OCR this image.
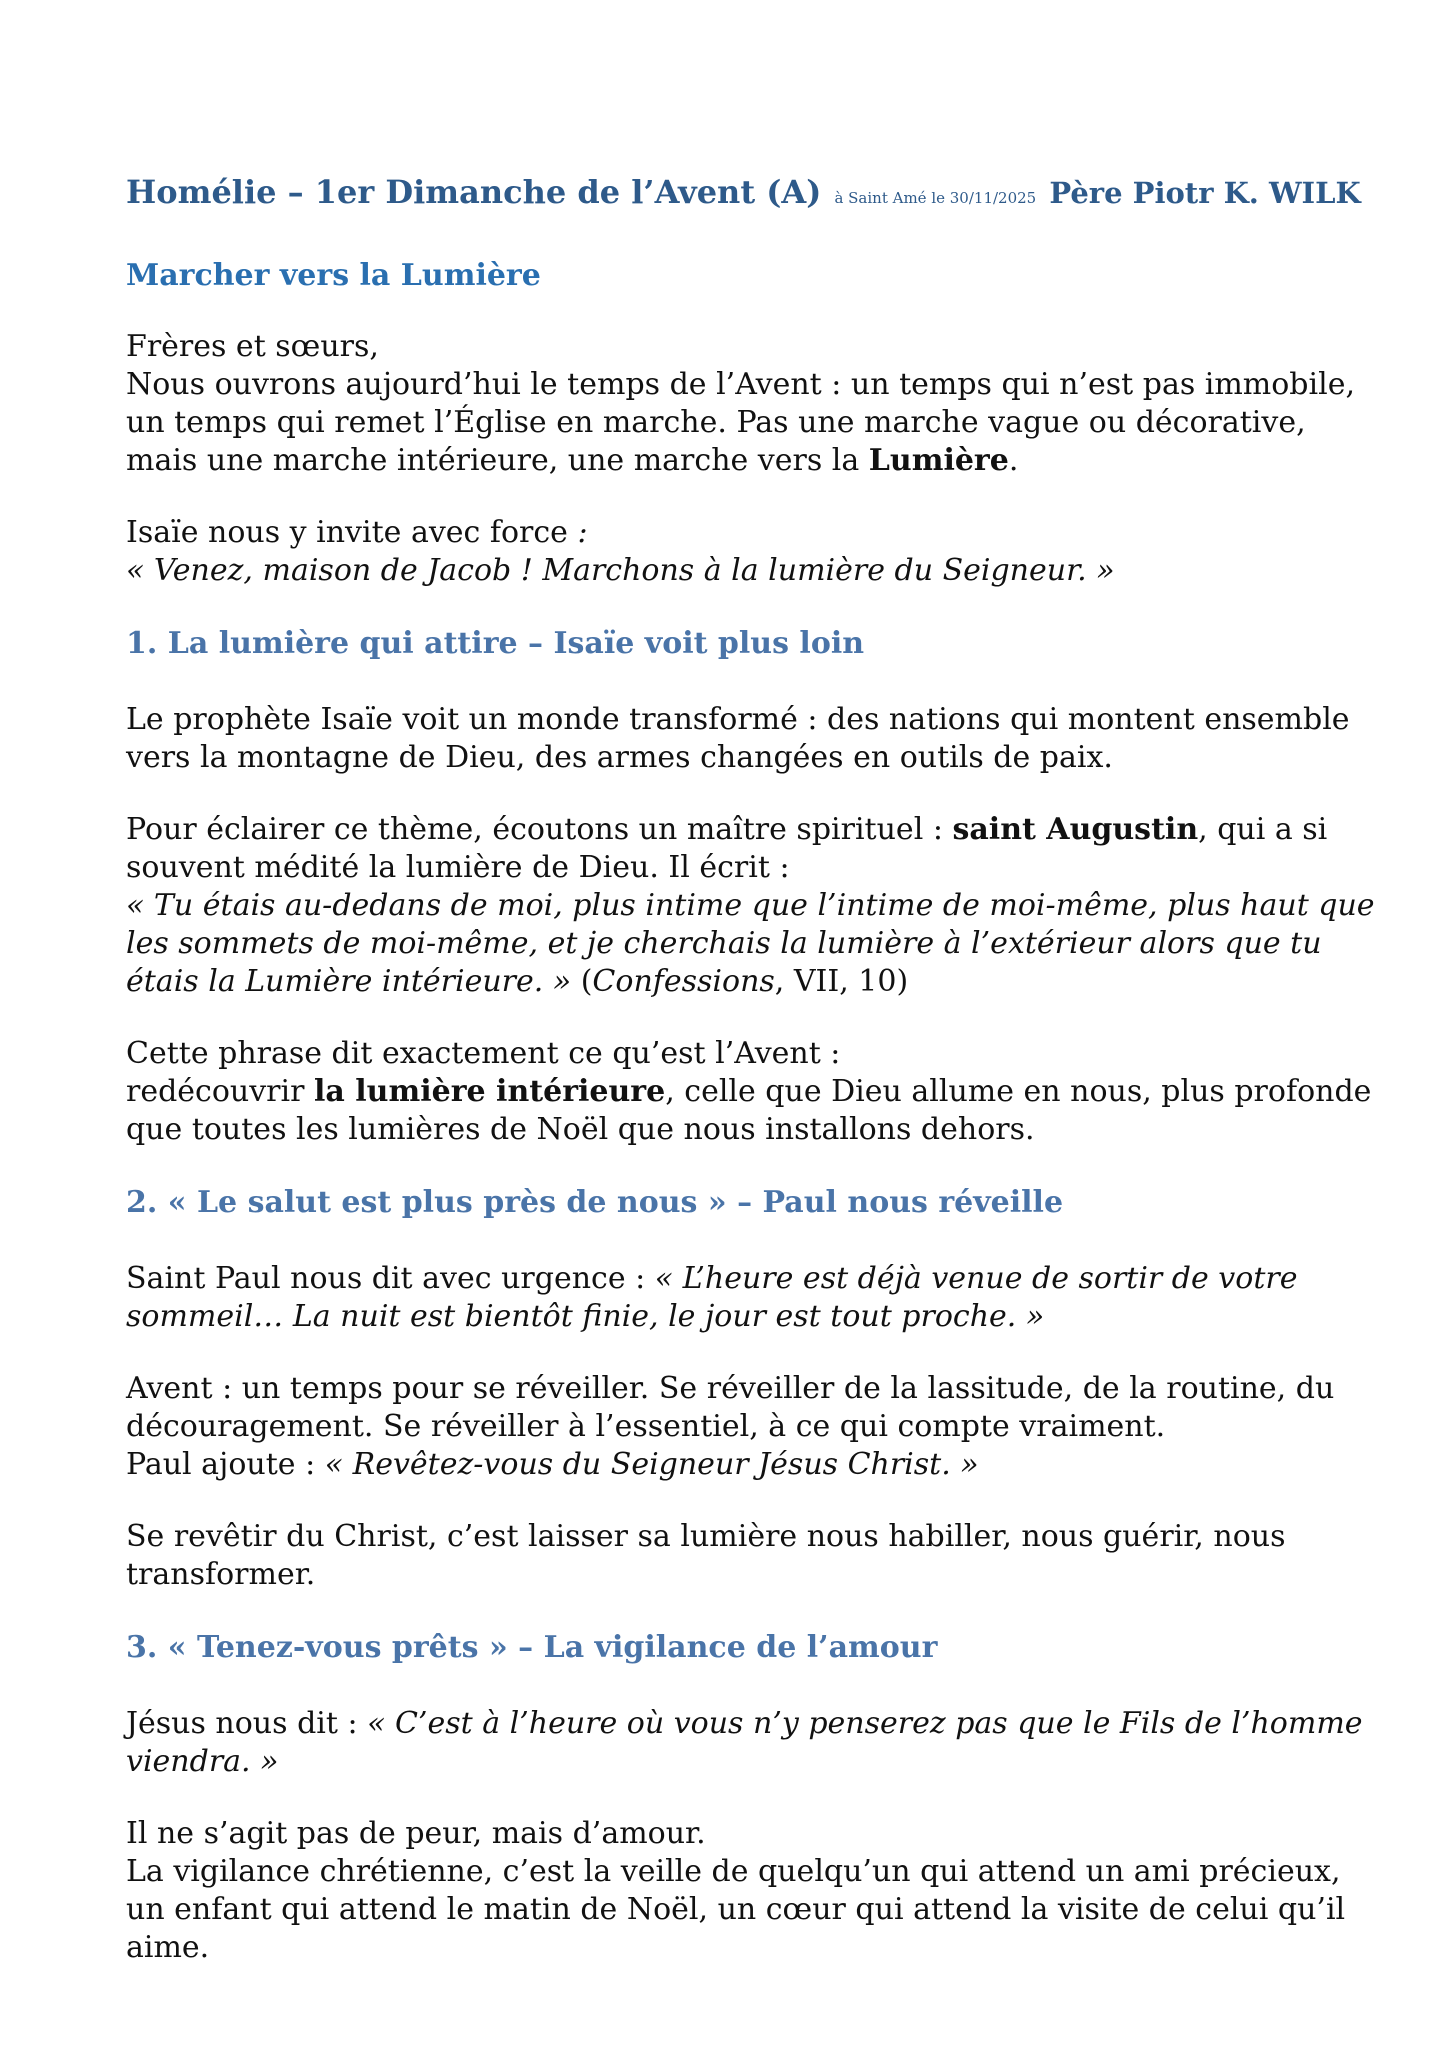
Homélie – 1er Dimanche de l’Avent (A) à Saint Amé le 30/11/2025 Père Piotr K. WILK
Marcher vers la Lumière

Frères et sœurs,

Nous ouvrons aujourd’hui le temps de l’Avent : un temps qui n’est pas immobile, un temps qui remet l’Église en marche. Pas une marche vague ou décorative, mais une marche intérieure, une marche vers la Lumière.

Isaïe nous y invite avec force :

« Venez, maison de Jacob ! Marchons à la lumière du Seigneur. »

1. La lumière qui attire – Isaïe voit plus loin

Le prophète Isaïe voit un monde transformé : des nations qui montent ensemble vers la montagne de Dieu, des armes changées en outils de paix.

Pour éclairer ce thème, écoutons un maître spirituel : saint Augustin, qui a si souvent médité la lumière de Dieu. Il écrit :

« Tu étais au-dedans de moi, plus intime que l’intime de moi-même, plus haut que les sommets de moi-même, et je cherchais la lumière à l’extérieur alors que tu étais la Lumière intérieure. » (Confessions, VII, 10)

Cette phrase dit exactement ce qu’est l’Avent :

redécouvrir la lumière intérieure, celle que Dieu allume en nous, plus profonde que toutes les lumières de Noël que nous installons dehors.

2. « Le salut est plus près de nous » – Paul nous réveille

Saint Paul nous dit avec urgence : « L’heure est déjà venue de sortir de votre sommeil… La nuit est bientôt finie, le jour est tout proche. »

Avent : un temps pour se réveiller. Se réveiller de la lassitude, de la routine, du découragement. Se réveiller à l’essentiel, à ce qui compte vraiment.

Paul ajoute : « Revêtez-vous du Seigneur Jésus Christ. »

Se revêtir du Christ, c’est laisser sa lumière nous habiller, nous guérir, nous transformer.

3. « Tenez-vous prêts » – La vigilance de l’amour

Jésus nous dit : « C’est à l’heure où vous n’y penserez pas que le Fils de l’homme viendra. »

Il ne s’agit pas de peur, mais d’amour.

La vigilance chrétienne, c’est la veille de quelqu’un qui attend un ami précieux, un enfant qui attend le matin de Noël, un cœur qui attend la visite de celui qu’il aime.
